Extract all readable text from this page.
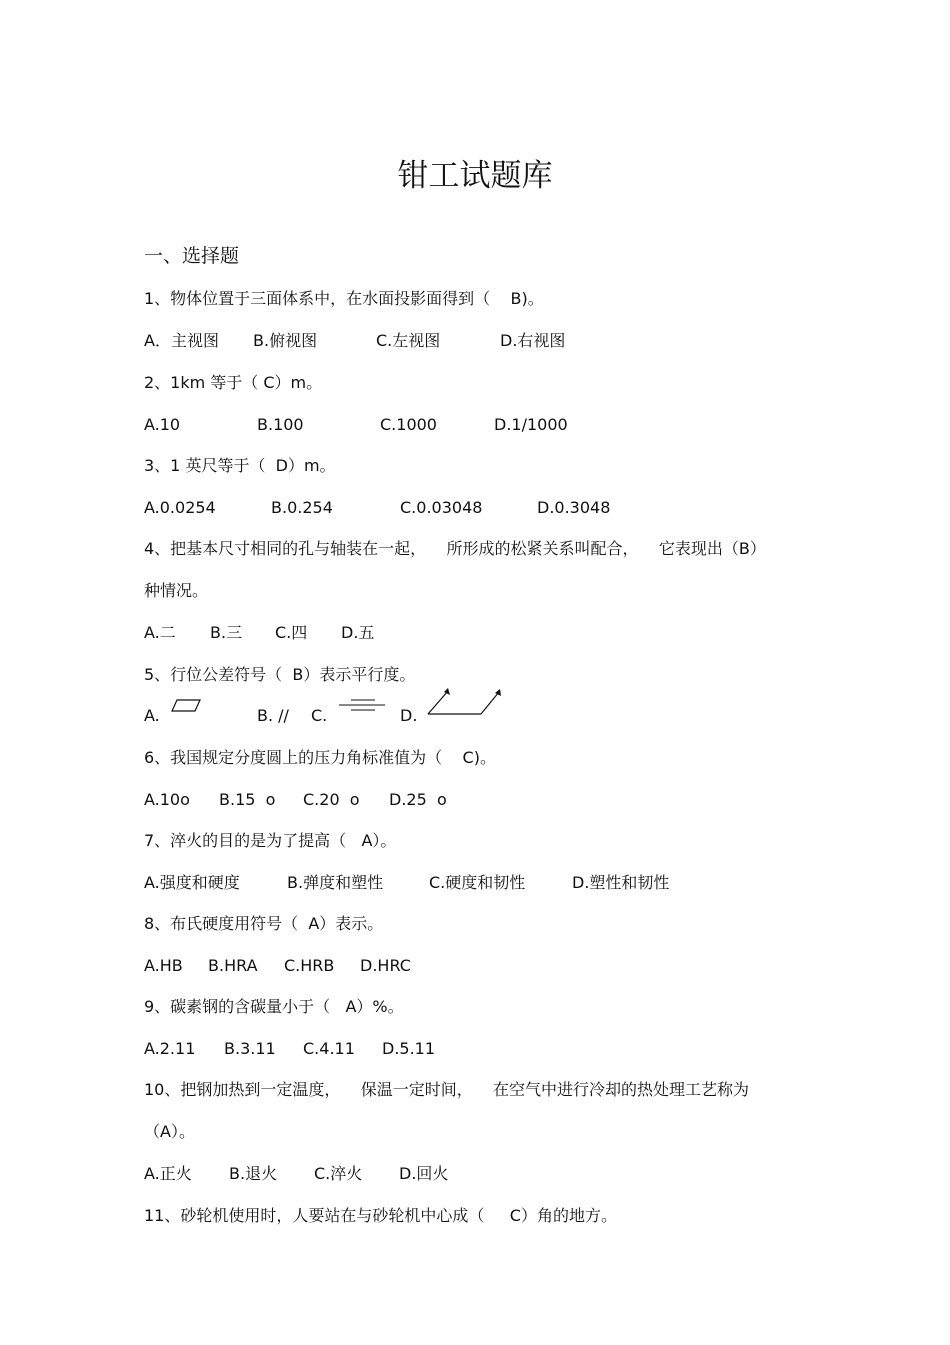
钳工试题库
一、选择题
1、物体位置于三面体系中，在水面投影面得到（    B)。
A．主视图 B.俯视图	C.左视图	D.右视图
2、1km 等于（ C）m。
A.10	B.100	C.1000	D.1/1000
3、1 英尺等于（  D）m。
A.0.0254	B.0.254	C.0.03048	D.0.3048
4、把基本尺寸相同的孔与轴装在一起，    所形成的松紧关系叫配合，    它表现出（B）
种情况。
A.二 B.三 C.四 D.五
5、行位公差符号（  B）表示平行度。
A.	B. // C.	D.
6、我国规定分度圆上的压力角标准值为（    C)。
A.10o B.15  o C.20  o D.25  o
7、淬火的目的是为了提高（   A）。
A.强度和硬度	B.弹度和塑性	C.硬度和韧性	D.塑性和韧性
8、布氏硬度用符号（  A）表示。
A.HB B.HRA C.HRB D.HRC
9、碳素钢的含碳量小于（   A）%。
A.2.11 B.3.11 C.4.11 D.5.11
10、把钢加热到一定温度，    保温一定时间，    在空气中进行冷却的热处理工艺称为
（A）。
A.正火 B.退火 C.淬火 D.回火
11、砂轮机使用时，人要站在与砂轮机中心成（     C）角的地方。
